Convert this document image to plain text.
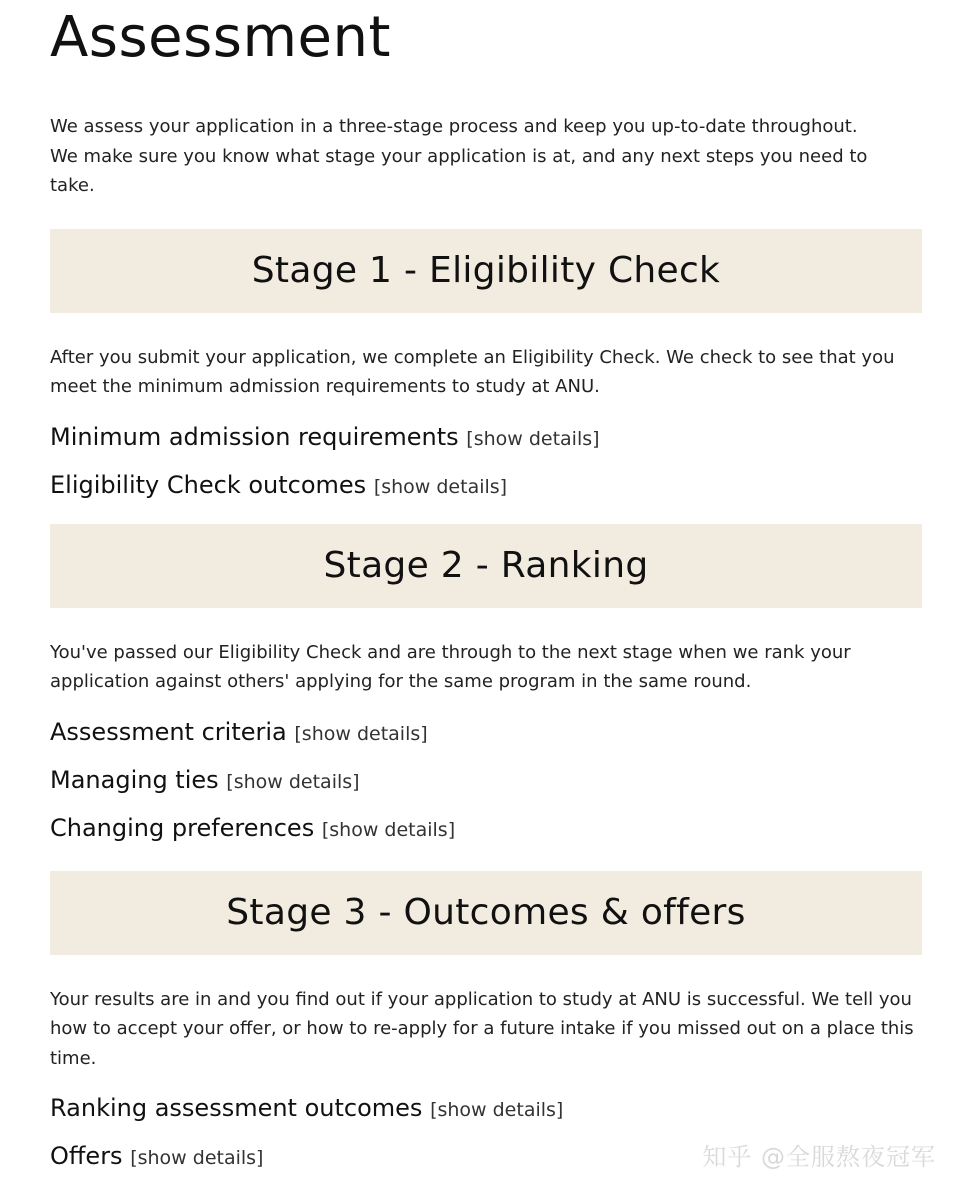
Assessment

We assess your application in a three-stage process and keep you up-to-date throughout. We make sure you know what stage your application is at, and any next steps you need to take.

Stage 1 - Eligibility Check

After you submit your application, we complete an Eligibility Check. We check to see that you meet the minimum admission requirements to study at ANU.

Minimum admission requirements [show details]
Eligibility Check outcomes [show details]
Stage 2 - Ranking

You've passed our Eligibility Check and are through to the next stage when we rank your application against others' applying for the same program in the same round.

Assessment criteria [show details]
Managing ties [show details]
Changing preferences [show details]
Stage 3 - Outcomes & offers

Your results are in and you find out if your application to study at ANU is successful. We tell you how to accept your offer, or how to re-apply for a future intake if you missed out on a place this time.

Ranking assessment outcomes [show details]
Offers [show details]	知乎 @全服熬夜冠军
